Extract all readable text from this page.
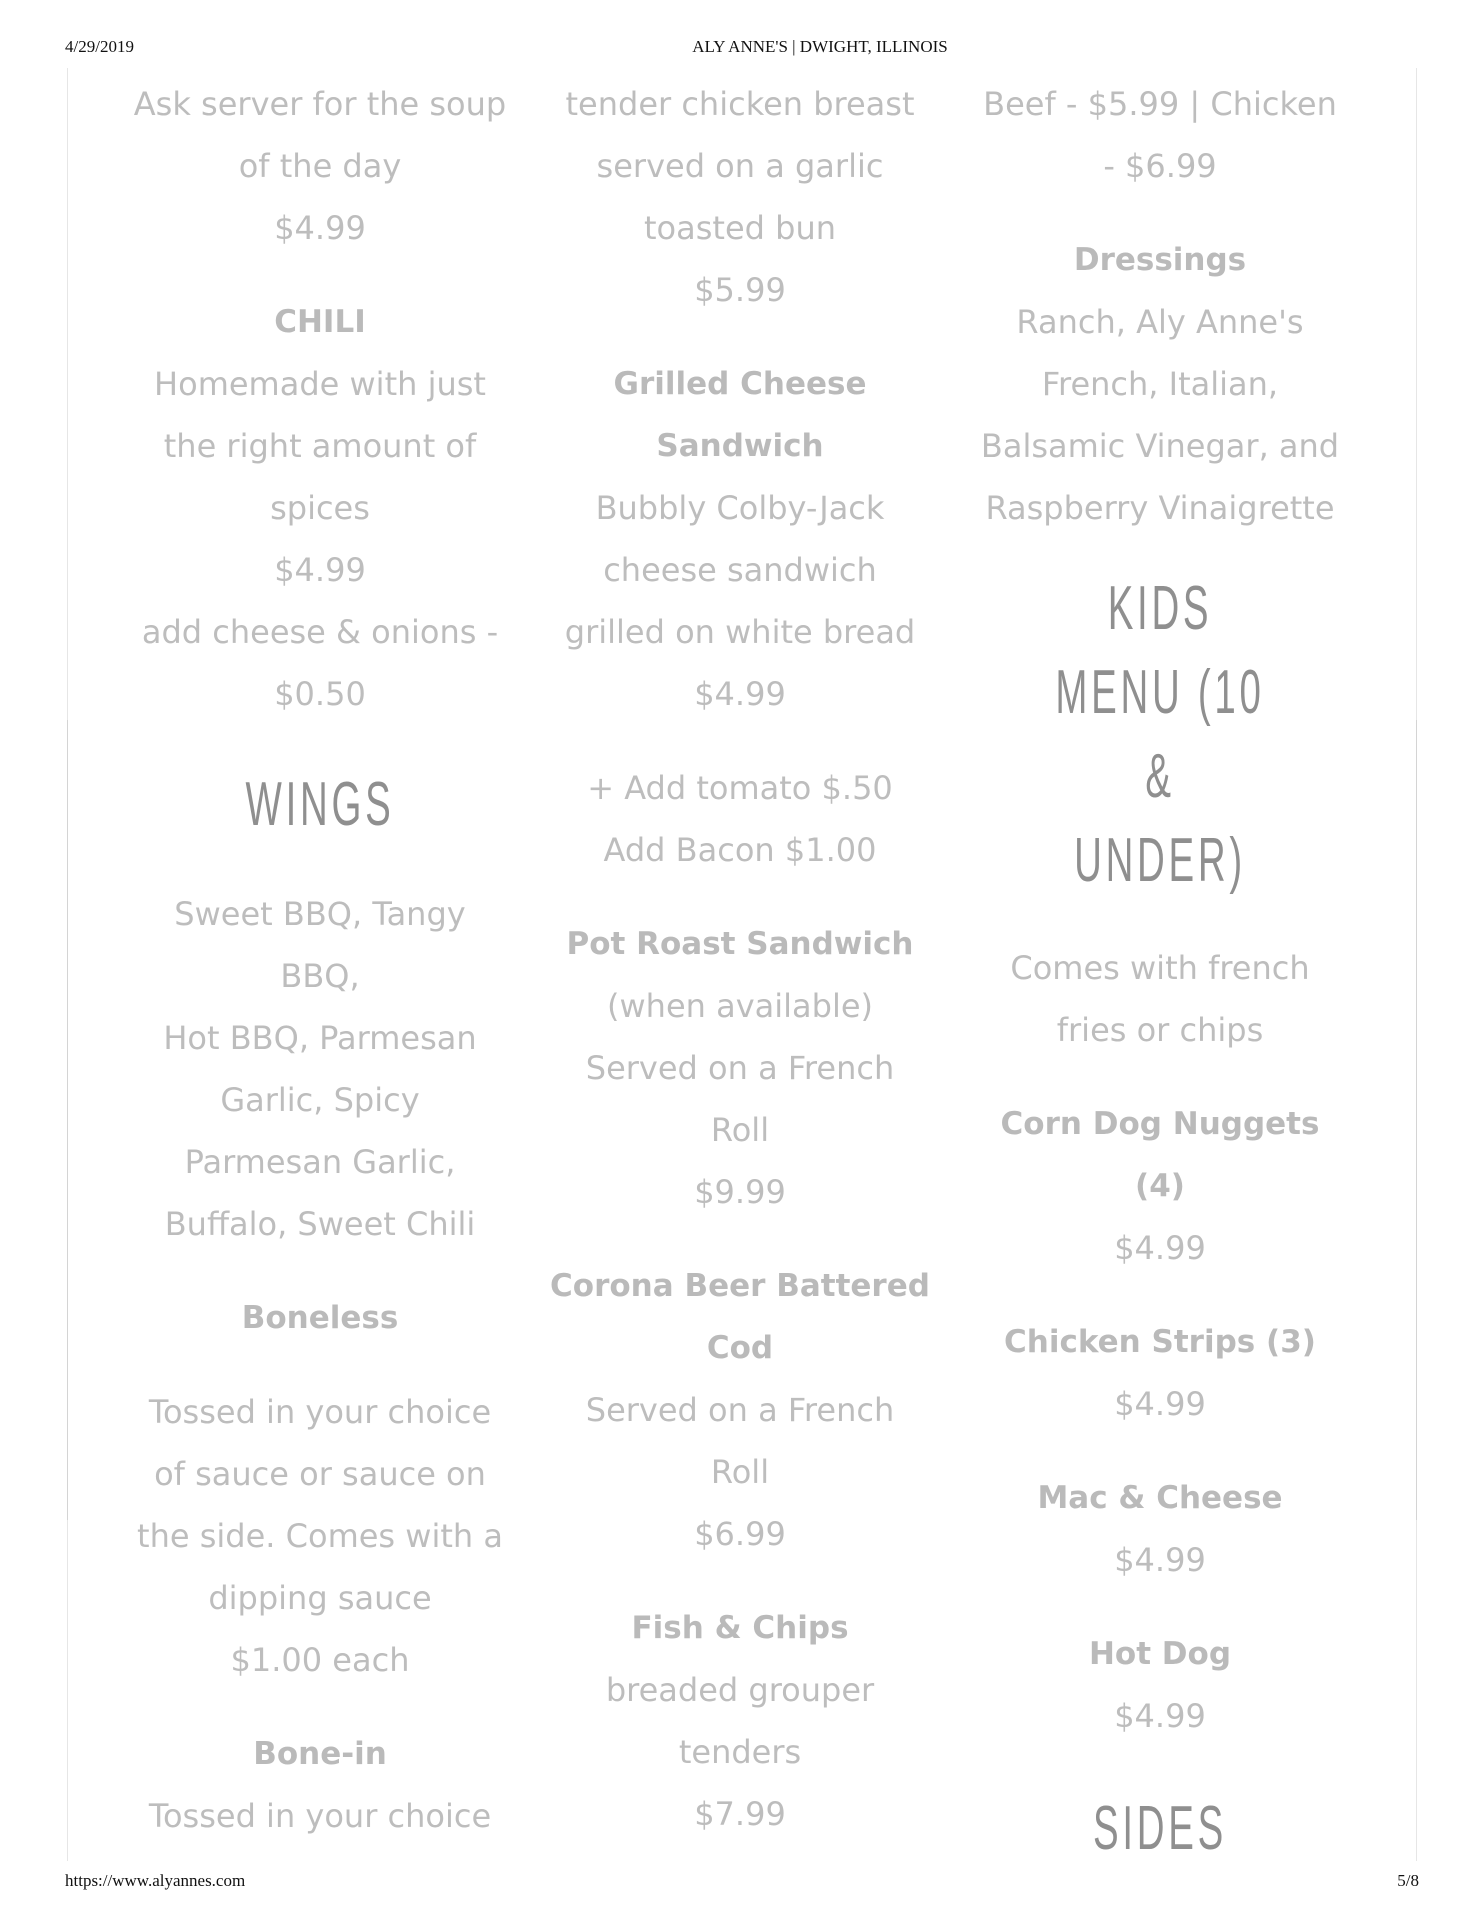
4/29/2019	ALY ANNE'S | DWIGHT, ILLINOIS

Ask server for the soup

of the day

$4.99

CHILI

Homemade with just

the right amount of

spices

$4.99

add cheese & onions -

$0.50

WINGS

Sweet BBQ, Tangy BBQ,

Hot BBQ, Parmesan

Garlic, Spicy

Parmesan Garlic,

Buffalo, Sweet Chili

Boneless

Tossed in your choice

of sauce or sauce on

the side. Comes with a

dipping sauce

$1.00 each

Bone-in

Tossed in your choice

tender chicken breast

served on a garlic

toasted bun

$5.99

Grilled Cheese

Sandwich

Bubbly Colby-Jack

cheese sandwich

grilled on white bread

$4.99

+ Add tomato $.50

Add Bacon $1.00

Pot Roast Sandwich

(when available)

Served on a French

Roll

$9.99

Corona Beer Battered

Cod

Served on a French

Roll

$6.99

Fish & Chips

breaded grouper

tenders

$7.99

Beef - $5.99 | Chicken

- $6.99

Dressings

Ranch, Aly Anne's

French, Italian,

Balsamic Vinegar, and

Raspberry Vinaigrette

KIDS MENU (10 &

UNDER)

Comes with french

fries or chips

Corn Dog Nuggets

(4)

$4.99

Chicken Strips (3)

$4.99

Mac & Cheese

$4.99

Hot Dog

$4.99

SIDES

https://www.alyannes.com	5/8
